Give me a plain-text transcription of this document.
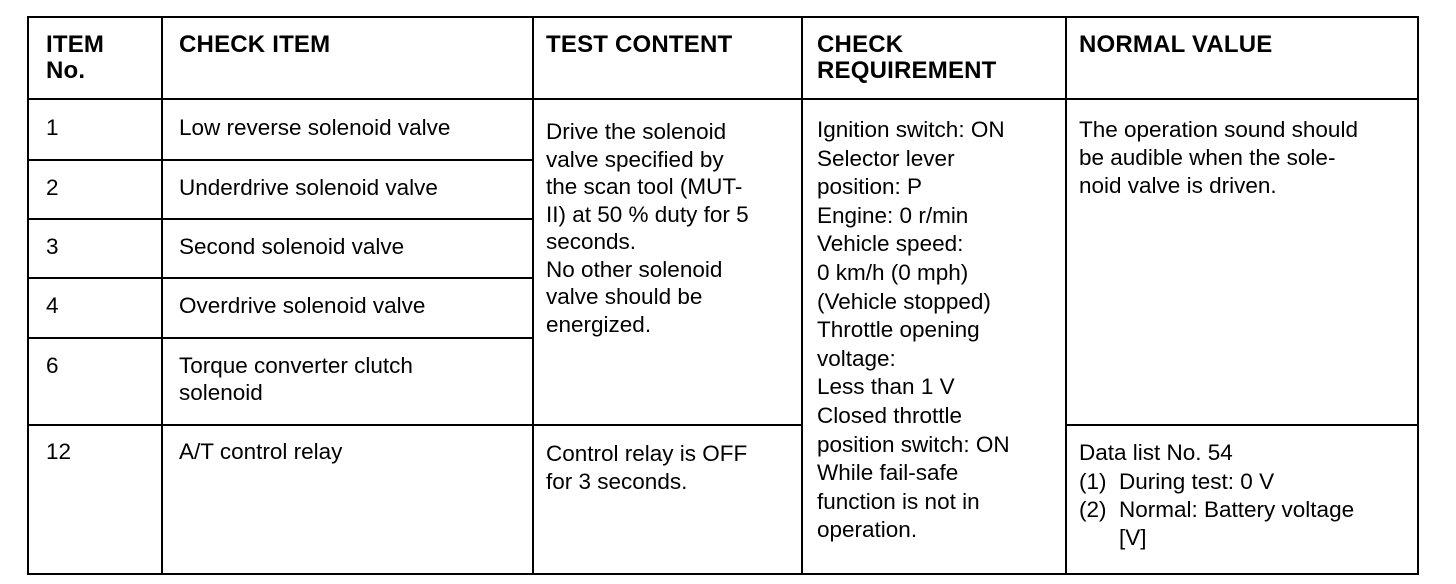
ITEM
No.
CHECK ITEM	TEST CONTENT	CHECK
REQUIREMENT
NORMAL VALUE
1
2
3
4
6
12
Low reverse solenoid valve
Underdrive solenoid valve
Second solenoid valve
Overdrive solenoid valve
Torque converter clutch
solenoid
A/T control relay
Drive the solenoid
valve specified by
the scan tool (MUT-
II) at 50 % duty for 5
seconds.
No other solenoid
valve should be
energized.
Control relay is OFF
for 3 seconds.
Ignition switch: ON
Selector lever
position: P
Engine: 0 r/min
Vehicle speed:
0 km/h (0 mph)
(Vehicle stopped)
Throttle opening
voltage:
Less than 1 V
Closed throttle
position switch: ON
While fail-safe
function is not in
operation.
The operation sound should
be audible when the sole-
noid valve is driven.
Data list No. 54
(1) During test: 0 V
(2) Normal: Battery voltage
[V]
